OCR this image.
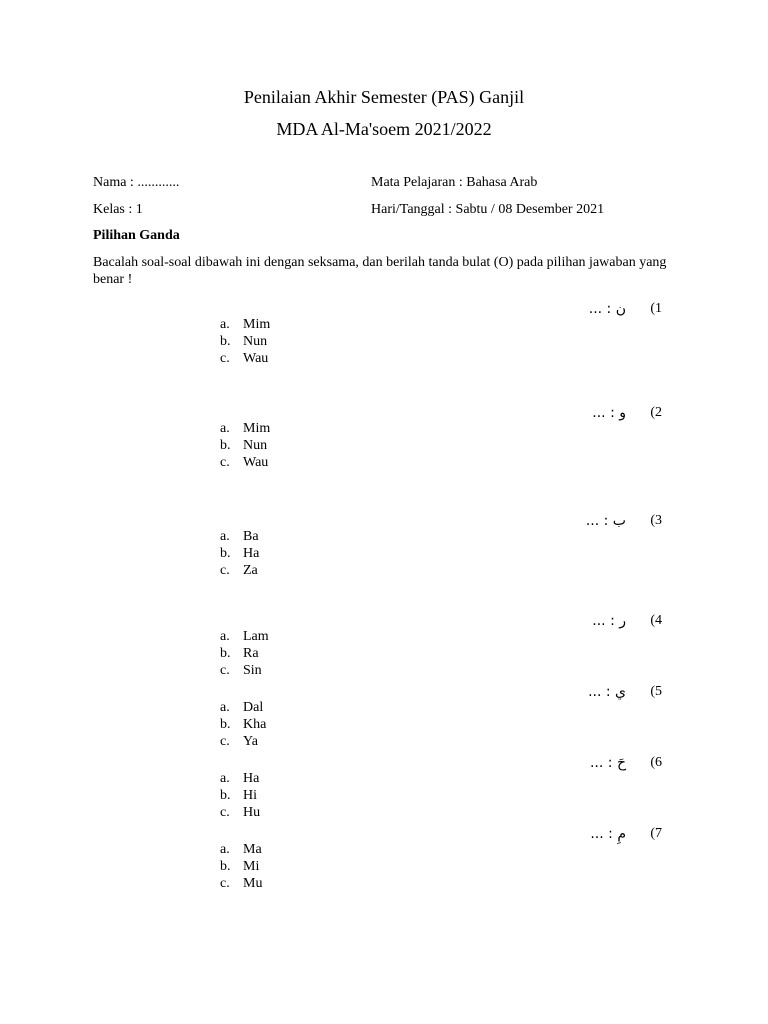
Penilaian Akhir Semester (PAS) Ganjil
MDA Al-Ma'soem 2021/2022
Nama : ............	Mata Pelajaran : Bahasa Arab
Kelas : 1	Hari/Tanggal : Sabtu / 08 Desember 2021
Pilihan Ganda
Bacalah soal-soal dibawah ini dengan seksama, dan berilah tanda bulat (O) pada pilihan jawaban yang benar !
ن : ...	(1
a. Mim
b. Nun
c. Wau
و : ...	(2
a. Mim
b. Nun
c. Wau
ب : ...	(3
a. Ba
b. Ha
c. Za
ر : ...	(4
a. Lam
b. Ra
c. Sin
ي : ...	(5
a. Dal
b. Kha
c. Ya
حَ : ...	(6
a. Ha
b. Hi
c. Hu
مِ : ...	(7
a. Ma
b. Mi
c. Mu
